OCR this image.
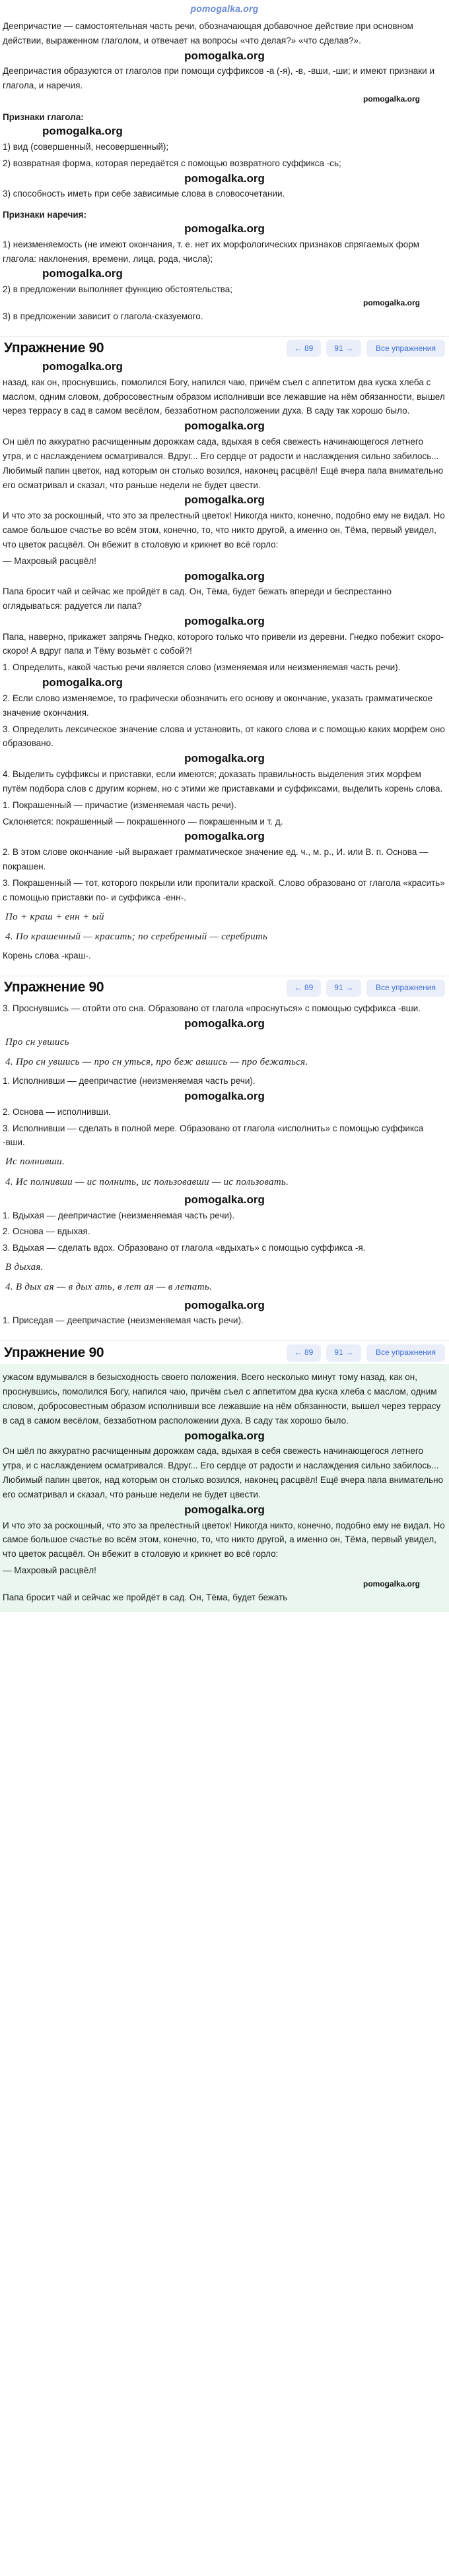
pomogalka.org

Деепричастие — самостоятельная часть речи, обозначающая добавочное действие при основном действии, выраженном глаголом, и отвечает на вопросы «что делая?» «что сделав?».

pomogalka.org

Деепричастия образуются от глаголов при помощи суффиксов -а (-я), -в, -вши, -ши; и имеют признаки и глагола, и наречия.

pomogalka.org

Признаки глагола:

pomogalka.org

1) вид (совершенный, несовершенный);

2) возвратная форма, которая передаётся с помощью возвратного суффикса -сь;

pomogalka.org

3) способность иметь при себе зависимые слова в словосочетании.

Признаки наречия:

pomogalka.org

1) неизменяемость (не имеют окончания, т. е. нет их морфологических признаков спрягаемых форм глагола: наклонения, времени, лица, рода, числа);

pomogalka.org

2) в предложении выполняет функцию обстоятельства;

pomogalka.org

3) в предложении зависит о глагола-сказуемого.

Упражнение 90	← 89	91 →	Все упражнения
pomogalka.org

назад, как он, проснувшись, помолился Богу, напился чаю, причём съел с аппетитом два куска хлеба с маслом, одним словом, добросовестным образом исполнивши все лежавшие на нём обязанности, вышел через террасу в сад в самом весёлом, беззаботном расположении духа. В саду так хорошо было.

pomogalka.org

Он шёл по аккуратно расчищенным дорожкам сада, вдыхая в себя свежесть начинающегося летнего утра, и с наслаждением осматривался. Вдруг... Его сердце от радости и наслаждения сильно забилось... Любимый папин цветок, над которым он столько возился, наконец расцвёл! Ещё вчера папа внимательно его осматривал и сказал, что раньше недели не будет цвести.

pomogalka.org

И что это за роскошный, что это за прелестный цветок! Никогда никто, конечно, подобно ему не видал. Но самое большое счастье во всём этом, конечно, то, что никто другой, а именно он, Тёма, первый увидел, что цветок расцвёл. Он вбежит в столовую и крикнет во всё горло:

— Махровый расцвёл!

pomogalka.org

Папа бросит чай и сейчас же пройдёт в сад. Он, Тёма, будет бежать впереди и беспрестанно оглядываться: радуется ли папа?

pomogalka.org

Папа, наверно, прикажет запрячь Гнедко, которого только что привели из деревни. Гнедко побежит скоро-скоро! А вдруг папа и Тёму возьмёт с собой?!

1. Определить, какой частью речи является слово (изменяемая или неизменяемая часть речи).

pomogalka.org

2. Если слово изменяемое, то графически обозначить его основу и окончание, указать грамматическое значение окончания.

3. Определить лексическое значение слова и установить, от какого слова и с помощью каких морфем оно образовано.

pomogalka.org

4. Выделить суффиксы и приставки, если имеются; доказать правильность выделения этих морфем путём подбора слов с другим корнем, но с этими же приставками и суффиксами, выделить корень слова.

1. Покрашенный — причастие (изменяемая часть речи).

Склоняется: покрашенный — покрашенного — покрашенным и т. д.

pomogalka.org

2. В этом слове окончание -ый выражает грамматическое значение ед. ч., м. р., И. или В. п. Основа — покрашен.

3. Покрашенный — тот, которого покрыли или пропитали краской. Слово образовано от глагола «красить» с помощью приставки по- и суффикса -енн-.

По + краш + енн + ый
4. По крашенный — красить; по серебренный — серебрить

Корень слова -краш-.

Упражнение 90	← 89	91 →	Все упражнения

3. Проснувшись — отойти ото сна. Образовано от глагола «проснуться» с помощью суффикса -вши.

pomogalka.org
Про сн увшись
4. Про сн увшись — про сн уться, про беж авшись — про бежаться.

1. Исполнивши — деепричастие (неизменяемая часть речи).

pomogalka.org

2. Основа — исполнивши.

3. Исполнивши — сделать в полной мере. Образовано от глагола «исполнить» с помощью суффикса -вши.

Ис полнивши.
4. Ис полнивши — ис полнить, ис пользовавши — ис пользовать.
pomogalka.org

1. Вдыхая — деепричастие (неизменяемая часть речи).

2. Основа — вдыхая.

3. Вдыхая — сделать вдох. Образовано от глагола «вдыхать» с помощью суффикса -я.

В дыхая.
4. В дых ая — в дых ать, в лет ая — в летать.
pomogalka.org

1. Приседая — деепричастие (неизменяемая часть речи).

Упражнение 90	← 89	91 →	Все упражнения

ужасом вдумывался в безысходность своего положения. Всего несколько минут тому назад, как он, проснувшись, помолился Богу, напился чаю, причём съел с аппетитом два куска хлеба с маслом, одним словом, добросовестным образом исполнивши все лежавшие на нём обязанности, вышел через террасу в сад в самом весёлом, беззаботном расположении духа. В саду так хорошо было.

pomogalka.org

Он шёл по аккуратно расчищенным дорожкам сада, вдыхая в себя свежесть начинающегося летнего утра, и с наслаждением осматривался. Вдруг... Его сердце от радости и наслаждения сильно забилось... Любимый папин цветок, над которым он столько возился, наконец расцвёл! Ещё вчера папа внимательно его осматривал и сказал, что раньше недели не будет цвести.

pomogalka.org

И что это за роскошный, что это за прелестный цветок! Никогда никто, конечно, подобно ему не видал. Но самое большое счастье во всём этом, конечно, то, что никто другой, а именно он, Тёма, первый увидел, что цветок расцвёл. Он вбежит в столовую и крикнет во всё горло:

— Махровый расцвёл!

pomogalka.org

Папа бросит чай и сейчас же пройдёт в сад. Он, Тёма, будет бежать
